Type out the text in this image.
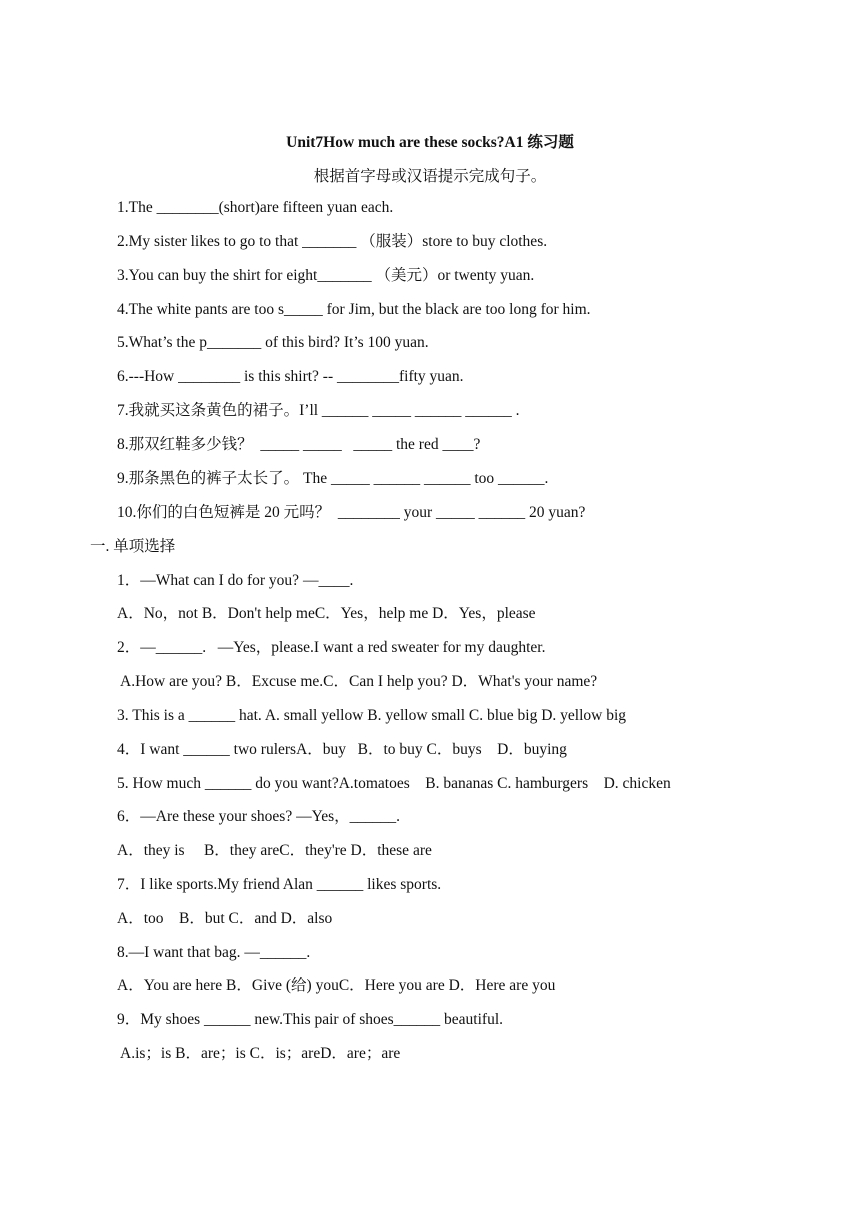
Unit7How much are these socks?A1 练习题
根据首字母或汉语提示完成句子。
1.The ________(short)are fifteen yuan each.
2.My sister likes to go to that _______ （服装）store to buy clothes.
3.You can buy the shirt for eight_______ （美元）or twenty yuan.
4.The white pants are too s_____ for Jim, but the black are too long for him.
5.What’s the p_______ of this bird? It’s 100 yuan.
6.---How ________ is this shirt? -- ________fifty yuan.
7.我就买这条黄色的裙子。I’ll ______ _____ ______ ______ .
8.那双红鞋多少钱？  _____ _____   _____ the red ____?
9.那条黑色的裤子太长了。 The _____ ______ ______ too ______.
10.你们的白色短裤是 20 元吗？  ________ your _____ ______ 20 yuan?
一. 单项选择
1．—What can I do for you? —____.
A．No，not B．Don't help meC．Yes，help me D．Yes，please
2．—______.   —Yes，please.I want a red sweater for my daughter.
A.How are you? B．Excuse me.C．Can I help you? D．What's your name?
3. This is a ______ hat. A. small yellow B. yellow small C. blue big D. yellow big
4．I want ______ two rulersA．buy   B．to buy C．buys    D．buying
5. How much ______ do you want?A.tomatoes    B. bananas C. hamburgers    D. chicken
6．—Are these your shoes? —Yes，______.
A．they is     B．they areC．they're D．these are
7．I like sports.My friend Alan ______ likes sports.
A．too    B．but C．and D．also
8.—I want that bag. —______.
A．You are here B．Give (给) youC．Here you are D．Here are you
9．My shoes ______ new.This pair of shoes______ beautiful.
A.is；is B．are；is C．is；areD．are；are
